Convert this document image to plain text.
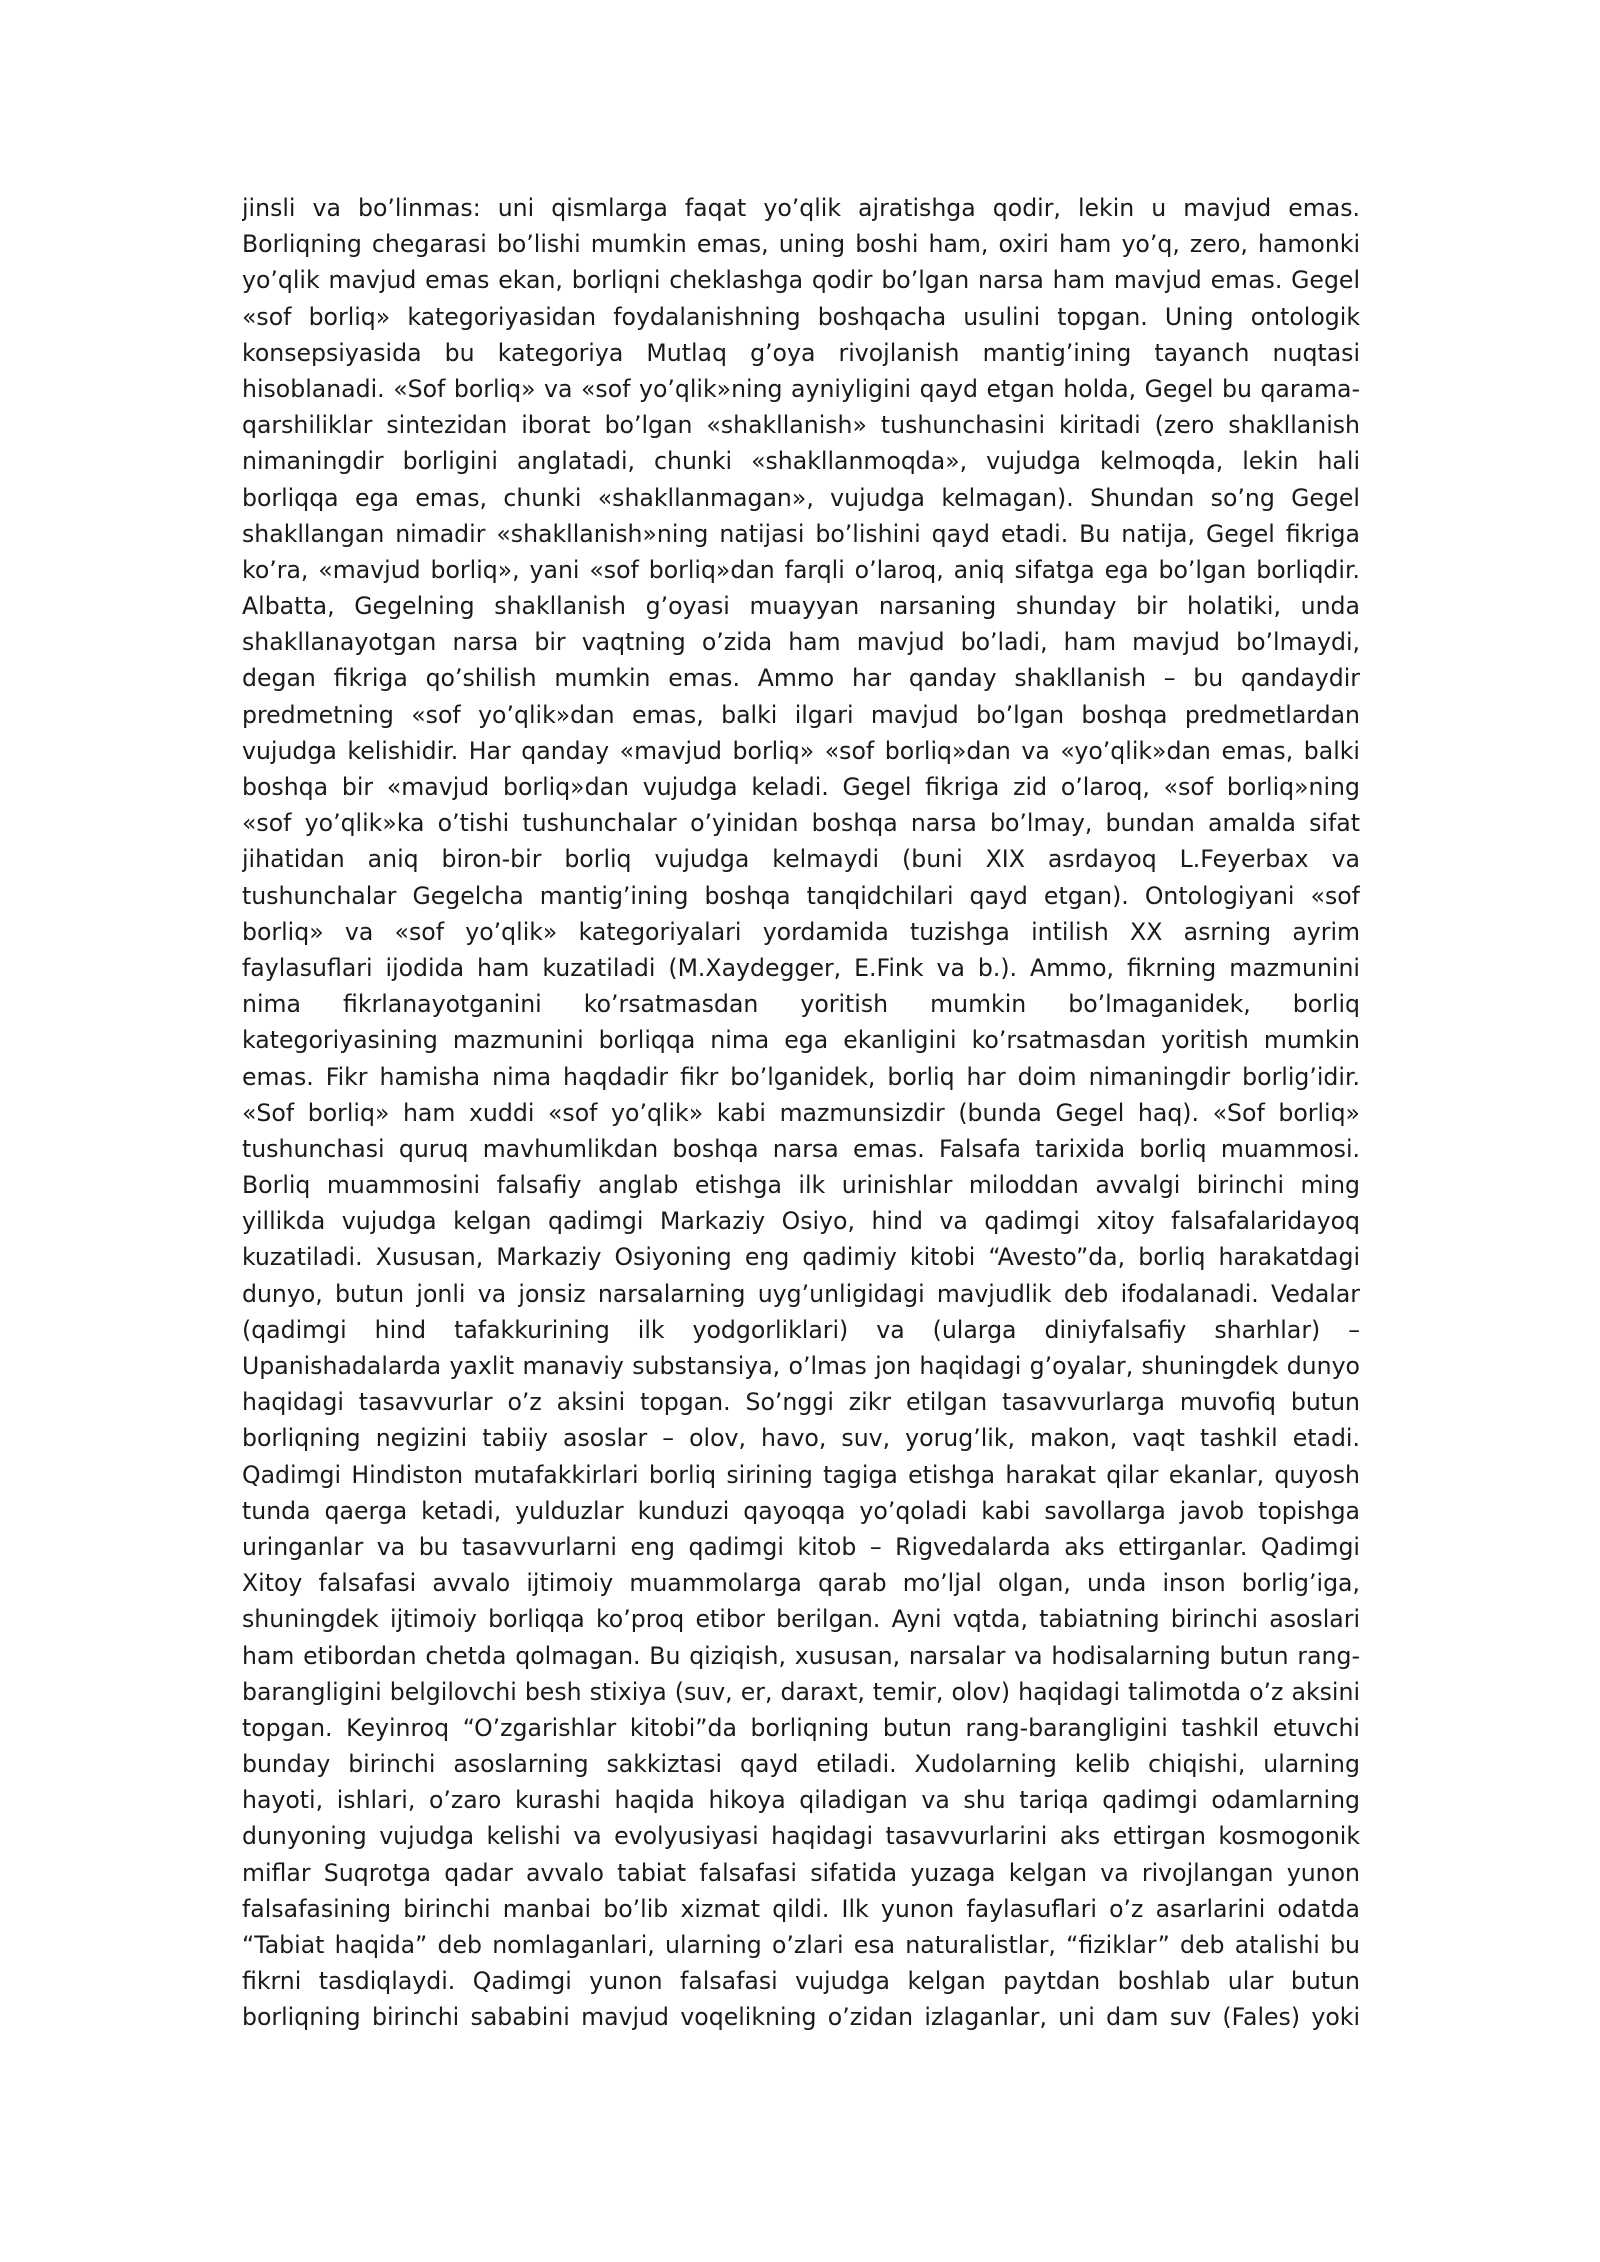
jinsli va bo’linmas: uni qismlarga faqat yo’qlik ajratishga qodir, lekin u mavjud emas.
Borliqning chegarasi bo’lishi mumkin emas, uning boshi ham, oxiri ham yo’q, zero, hamonki
yo’qlik mavjud emas ekan, borliqni cheklashga qodir bo’lgan narsa ham mavjud emas. Gegel
«sof borliq» kategoriyasidan foydalanishning boshqacha usulini topgan. Uning ontologik
konsepsiyasida bu kategoriya Mutlaq g’oya rivojlanish mantig’ining tayanch nuqtasi
hisoblanadi. «Sof borliq» va «sof yo’qlik»ning ayniyligini qayd etgan holda, Gegel bu qarama-
qarshiliklar sintezidan iborat bo’lgan «shakllanish» tushunchasini kiritadi (zero shakllanish
nimaningdir borligini anglatadi, chunki «shakllanmoqda», vujudga kelmoqda, lekin hali
borliqqa ega emas, chunki «shakllanmagan», vujudga kelmagan). Shundan so’ng Gegel
shakllangan nimadir «shakllanish»ning natijasi bo’lishini qayd etadi. Bu natija, Gegel fikriga
ko’ra, «mavjud borliq», yani «sof borliq»dan farqli o’laroq, aniq sifatga ega bo’lgan borliqdir.
Albatta, Gegelning shakllanish g’oyasi muayyan narsaning shunday bir holatiki, unda
shakllanayotgan narsa bir vaqtning o’zida ham mavjud bo’ladi, ham mavjud bo’lmaydi,
degan fikriga qo’shilish mumkin emas. Ammo har qanday shakllanish – bu qandaydir
predmetning «sof yo’qlik»dan emas, balki ilgari mavjud bo’lgan boshqa predmetlardan
vujudga kelishidir. Har qanday «mavjud borliq» «sof borliq»dan va «yo’qlik»dan emas, balki
boshqa bir «mavjud borliq»dan vujudga keladi. Gegel fikriga zid o’laroq, «sof borliq»ning
«sof yo’qlik»ka o’tishi tushunchalar o’yinidan boshqa narsa bo’lmay, bundan amalda sifat
jihatidan aniq biron-bir borliq vujudga kelmaydi (buni XIX asrdayoq L.Feyerbax va
tushunchalar Gegelcha mantig’ining boshqa tanqidchilari qayd etgan). Ontologiyani «sof
borliq» va «sof yo’qlik» kategoriyalari yordamida tuzishga intilish XX asrning ayrim
faylasuflari ijodida ham kuzatiladi (M.Xaydegger, E.Fink va b.). Ammo, fikrning mazmunini
nima fikrlanayotganini ko’rsatmasdan yoritish mumkin bo’lmaganidek, borliq
kategoriyasining mazmunini borliqqa nima ega ekanligini ko’rsatmasdan yoritish mumkin
emas. Fikr hamisha nima haqdadir fikr bo’lganidek, borliq har doim nimaningdir borlig’idir.
«Sof borliq» ham xuddi «sof yo’qlik» kabi mazmunsizdir (bunda Gegel haq). «Sof borliq»
tushunchasi quruq mavhumlikdan boshqa narsa emas. Falsafa tarixida borliq muammosi.
Borliq muammosini falsafiy anglab etishga ilk urinishlar miloddan avvalgi birinchi ming
yillikda vujudga kelgan qadimgi Markaziy Osiyo, hind va qadimgi xitoy falsafalaridayoq
kuzatiladi. Xususan, Markaziy Osiyoning eng qadimiy kitobi “Avesto”da, borliq harakatdagi
dunyo, butun jonli va jonsiz narsalarning uyg’unligidagi mavjudlik deb ifodalanadi. Vedalar
(qadimgi hind tafakkurining ilk yodgorliklari) va (ularga diniyfalsafiy sharhlar) –
Upanishadalarda yaxlit manaviy substansiya, o’lmas jon haqidagi g’oyalar, shuningdek dunyo
haqidagi tasavvurlar o’z aksini topgan. So’nggi zikr etilgan tasavvurlarga muvofiq butun
borliqning negizini tabiiy asoslar – olov, havo, suv, yorug’lik, makon, vaqt tashkil etadi.
Qadimgi Hindiston mutafakkirlari borliq sirining tagiga etishga harakat qilar ekanlar, quyosh
tunda qaerga ketadi, yulduzlar kunduzi qayoqqa yo’qoladi kabi savollarga javob topishga
uringanlar va bu tasavvurlarni eng qadimgi kitob – Rigvedalarda aks ettirganlar. Qadimgi
Xitoy falsafasi avvalo ijtimoiy muammolarga qarab mo’ljal olgan, unda inson borlig’iga,
shuningdek ijtimoiy borliqqa ko’proq etibor berilgan. Ayni vqtda, tabiatning birinchi asoslari
ham etibordan chetda qolmagan. Bu qiziqish, xususan, narsalar va hodisalarning butun rang-
barangligini belgilovchi besh stixiya (suv, er, daraxt, temir, olov) haqidagi talimotda o’z aksini
topgan. Keyinroq “O’zgarishlar kitobi”da borliqning butun rang-barangligini tashkil etuvchi
bunday birinchi asoslarning sakkiztasi qayd etiladi. Xudolarning kelib chiqishi, ularning
hayoti, ishlari, o’zaro kurashi haqida hikoya qiladigan va shu tariqa qadimgi odamlarning
dunyoning vujudga kelishi va evolyusiyasi haqidagi tasavvurlarini aks ettirgan kosmogonik
miflar Suqrotga qadar avvalo tabiat falsafasi sifatida yuzaga kelgan va rivojlangan yunon
falsafasining birinchi manbai bo’lib xizmat qildi. Ilk yunon faylasuflari o’z asarlarini odatda
“Tabiat haqida” deb nomlaganlari, ularning o’zlari esa naturalistlar, “fiziklar” deb atalishi bu
fikrni tasdiqlaydi. Qadimgi yunon falsafasi vujudga kelgan paytdan boshlab ular butun
borliqning birinchi sababini mavjud voqelikning o’zidan izlaganlar, uni dam suv (Fales) yoki
